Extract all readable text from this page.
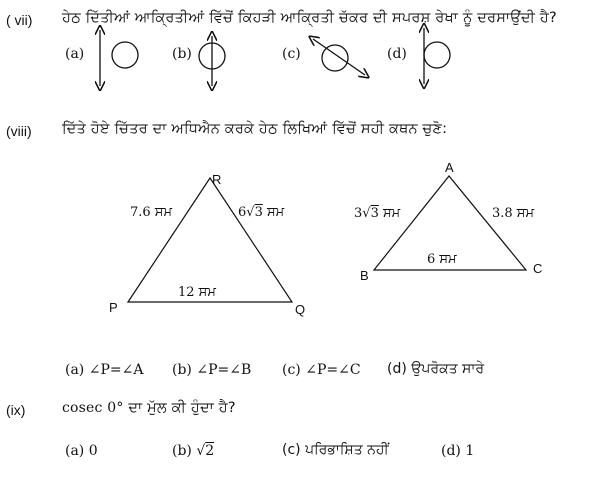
( vii) ਹੇਠ ਦਿੱਤੀਆਂ ਆਕ੍ਰਿਤੀਆਂ ਵਿੱਚੋਂ ਕਿਹੜੀ ਆਕ੍ਰਿਤੀ ਚੱਕਰ ਦੀ ਸਪਰਸ਼ ਰੇਖਾ ਨੂੰ ਦਰਸਾਉਂਦੀ ਹੈ?
(a)	(b)	(c)	(d)
(viii) ਦਿੱਤੇ ਹੋਏ ਚਿੱਤਰ ਦਾ ਅਧਿਐਨ ਕਰਕੇ ਹੇਠ ਲਿਖਿਆਂ ਵਿੱਚੋਂ ਸਹੀ ਕਥਨ ਚੁਣੋ:
R
P	Q
7.6 ਸਮ	6√3 ਸਮ
12 ਸਮ
A
B	C
3√3 ਸਮ	3.8 ਸਮ
6 ਸਮ
(a) ∠P=∠A (b) ∠P=∠B (c) ∠P=∠C (d) ਉਪਰੋਕਤ ਸਾਰੇ
(ix)	cosec 0° ਦਾ ਮੁੱਲ ਕੀ ਹੁੰਦਾ ਹੈ?
(a) 0	(b) √2	(c) ਪਰਿਭਾਸ਼ਿਤ ਨਹੀਂ	(d) 1
